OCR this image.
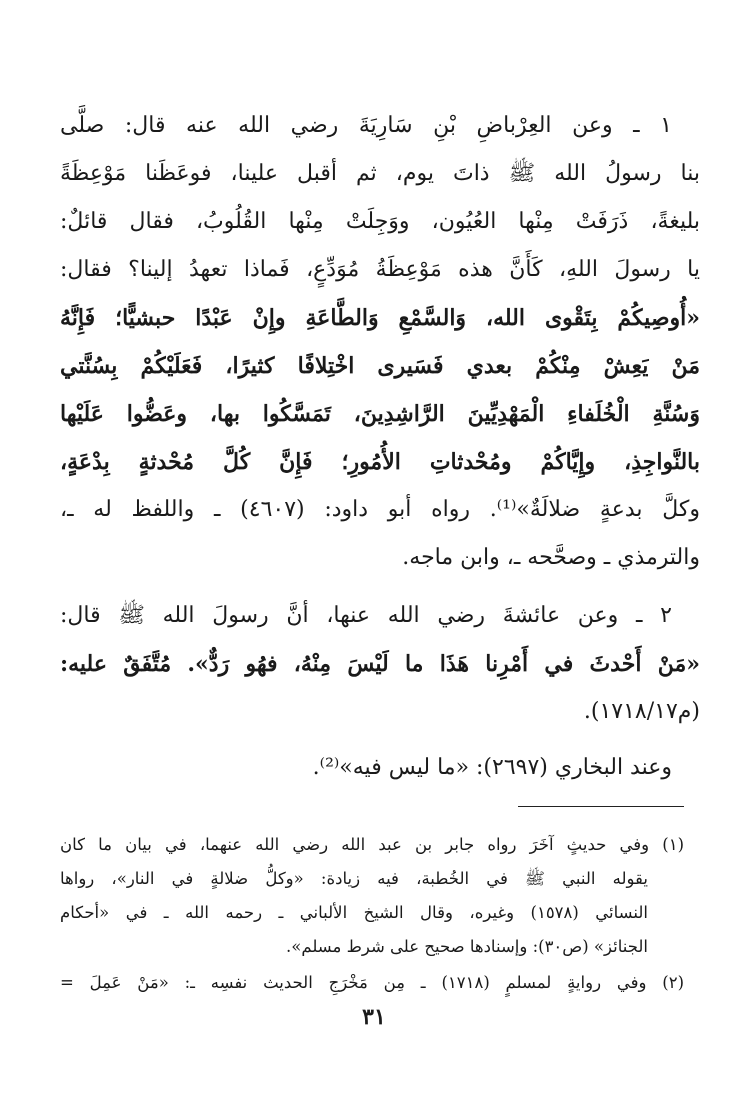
١ ـ وعن العِرْباضِ بْنِ سَارِيَةَ رضي الله عنه قال: صلَّى
بنا رسولُ الله ﷺ ذاتَ يوم، ثم أقبل علينا، فوعَظَنا مَوْعِظَةً
بليغةً، ذَرَفَتْ مِنْها العُيُون، ووَجِلَتْ مِنْها القُلُوبُ، فقال قائلٌ:
يا رسولَ اللهِ، كَأَنَّ هذه مَوْعِظَةُ مُوَدِّعٍ، فَماذا تعهدُ إلينا؟ فقال:
«أُوصِيكُمْ بِتَقْوى الله، وَالسَّمْعِ وَالطَّاعَةِ وإِنْ عَبْدًا حبشيًّا؛ فَإِنَّهُ
مَنْ يَعِشْ مِنْكُمْ بعدي فَسَيرى اخْتِلافًا كثيرًا، فَعَلَيْكُمْ بِسُنَّتي
وَسُنَّةِ الْخُلَفاءِ الْمَهْدِيِّينَ الرَّاشِدِينَ، تَمَسَّكُوا بها، وعَضُّوا عَلَيْها
بالنَّواجِذِ، وإِيَّاكُمْ ومُحْدثاتِ الأُمُورِ؛ فَإِنَّ كُلَّ مُحْدثةٍ بِدْعَةٍ،
وكلَّ بدعةٍ ضلالَةٌ»⁽¹⁾. رواه أبو داود: (٤٦٠٧) ـ واللفظ له ـ،
والترمذي ـ وصحَّحه ـ، وابن ماجه.
٢ ـ وعن عائشةَ رضي الله عنها، أنَّ رسولَ الله ﷺ قال:
«مَنْ أَحْدثَ في أَمْرِنا هَذَا ما لَيْسَ مِنْهُ، فهُو رَدٌّ». مُتَّفَقٌ عليه:
(م١٧١٨/١٧).
وعند البخاري (٢٦٩٧): «ما ليس فيه»⁽²⁾.
(١) وفي حديثٍ آخَرَ رواه جابر بن عبد الله رضي الله عنهما، في بيان ما كان
يقوله النبي ﷺ في الخُطبة، فيه زيادة: «وكلُّ ضلالةٍ في النار»، رواها
النسائي (١٥٧٨) وغيره، وقال الشيخ الألباني ـ رحمه الله ـ في «أحكام
الجنائز» (ص٣٠): وإسنادها صحيح على شرط مسلم».
(٢) وفي روايةٍ لمسلمٍ (١٧١٨) ـ مِن مَخْرَجِ الحديث نفسِه ـ: «مَنْ عَمِلَ =
٣١
